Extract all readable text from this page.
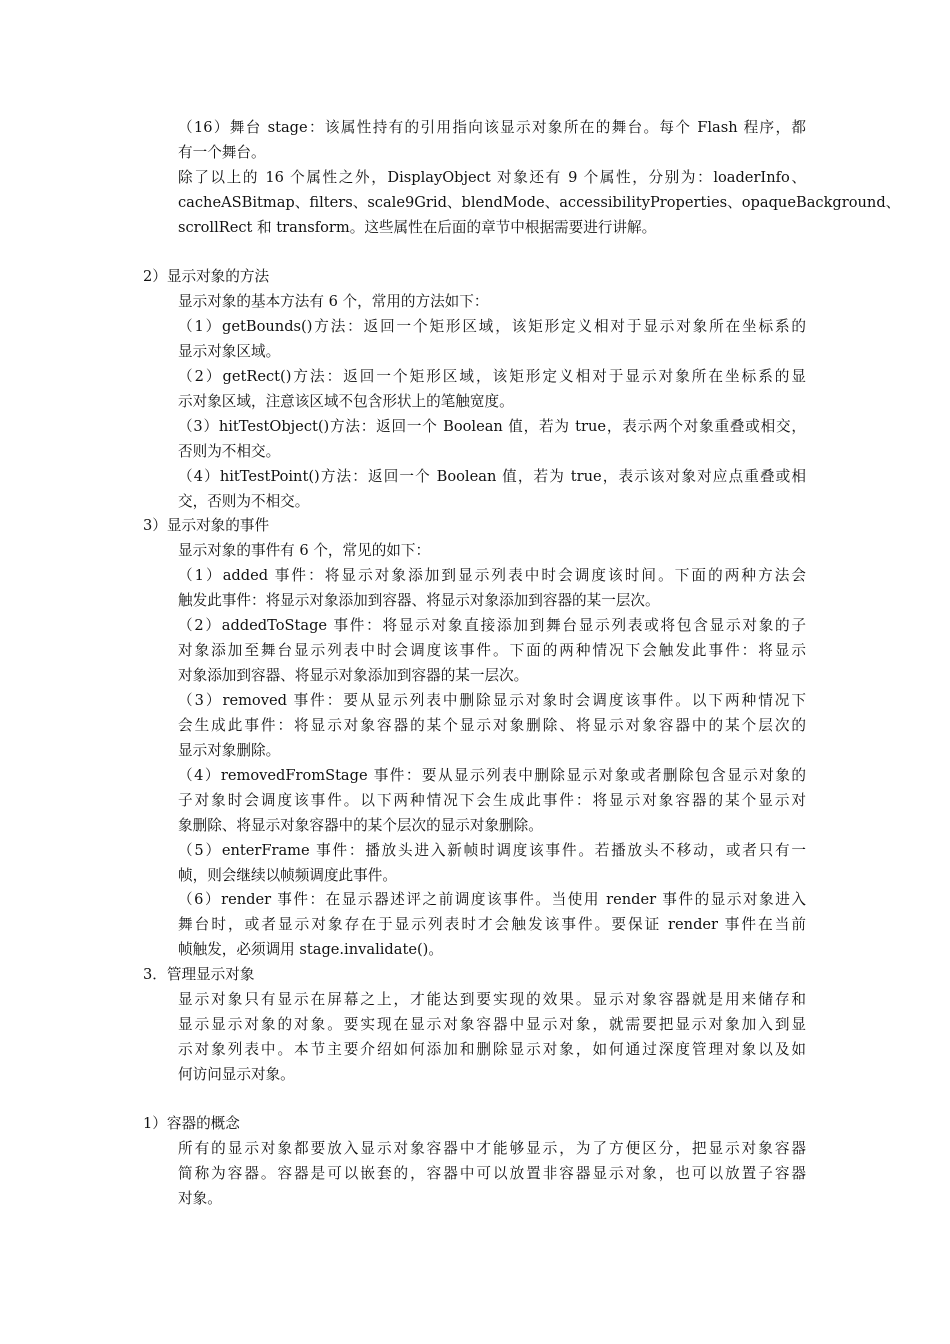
（16）舞台 stage：该属性持有的引用指向该显示对象所在的舞台。每个 Flash 程序，都
有一个舞台。
除了以上的 16 个属性之外，DisplayObject 对象还有 9 个属性，分别为：loaderInfo、
cacheASBitmap、filters、scale9Grid、blendMode、accessibilityProperties、opaqueBackground、
scrollRect 和 transform。这些属性在后面的章节中根据需要进行讲解。
2）显示对象的方法
显示对象的基本方法有 6 个，常用的方法如下：
（1）getBounds()方法：返回一个矩形区域，该矩形定义相对于显示对象所在坐标系的
显示对象区域。
（2）getRect()方法：返回一个矩形区域，该矩形定义相对于显示对象所在坐标系的显
示对象区域，注意该区域不包含形状上的笔触宽度。
（3）hitTestObject()方法：返回一个 Boolean 值，若为 true，表示两个对象重叠或相交，
否则为不相交。
（4）hitTestPoint()方法：返回一个 Boolean 值，若为 true，表示该对象对应点重叠或相
交，否则为不相交。
3）显示对象的事件
显示对象的事件有 6 个，常见的如下：
（1）added 事件：将显示对象添加到显示列表中时会调度该时间。下面的两种方法会
触发此事件：将显示对象添加到容器、将显示对象添加到容器的某一层次。
（2）addedToStage 事件：将显示对象直接添加到舞台显示列表或将包含显示对象的子
对象添加至舞台显示列表中时会调度该事件。下面的两种情况下会触发此事件：将显示
对象添加到容器、将显示对象添加到容器的某一层次。
（3）removed 事件：要从显示列表中删除显示对象时会调度该事件。以下两种情况下
会生成此事件：将显示对象容器的某个显示对象删除、将显示对象容器中的某个层次的
显示对象删除。
（4）removedFromStage 事件：要从显示列表中删除显示对象或者删除包含显示对象的
子对象时会调度该事件。以下两种情况下会生成此事件：将显示对象容器的某个显示对
象删除、将显示对象容器中的某个层次的显示对象删除。
（5）enterFrame 事件：播放头进入新帧时调度该事件。若播放头不移动，或者只有一
帧，则会继续以帧频调度此事件。
（6）render 事件：在显示器述评之前调度该事件。当使用 render 事件的显示对象进入
舞台时，或者显示对象存在于显示列表时才会触发该事件。要保证 render 事件在当前
帧触发，必须调用 stage.invalidate()。
3．管理显示对象
显示对象只有显示在屏幕之上，才能达到要实现的效果。显示对象容器就是用来储存和
显示显示对象的对象。要实现在显示对象容器中显示对象，就需要把显示对象加入到显
示对象列表中。本节主要介绍如何添加和删除显示对象，如何通过深度管理对象以及如
何访问显示对象。
1）容器的概念
所有的显示对象都要放入显示对象容器中才能够显示，为了方便区分，把显示对象容器
简称为容器。容器是可以嵌套的，容器中可以放置非容器显示对象，也可以放置子容器
对象。
